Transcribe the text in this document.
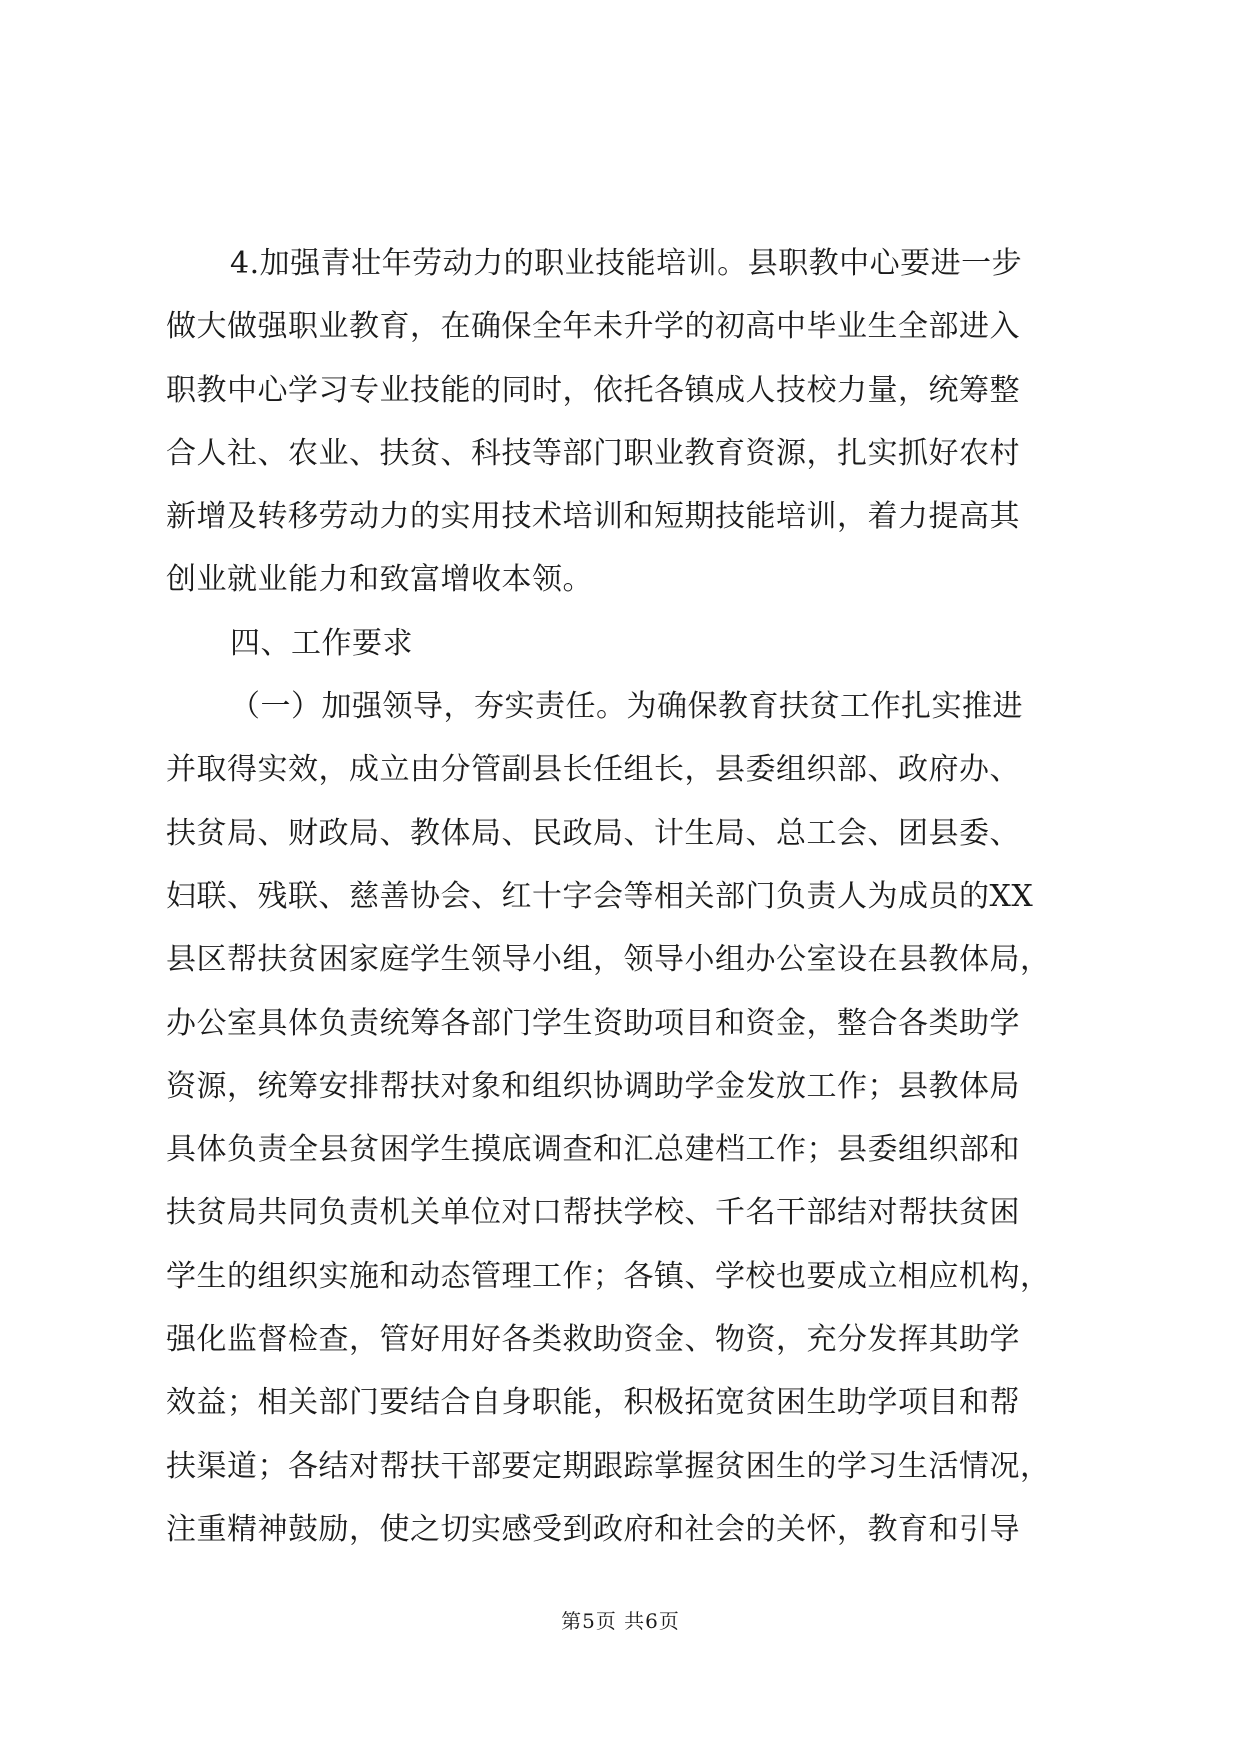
4.加强青壮年劳动力的职业技能培训。县职教中心要进一步
做大做强职业教育，在确保全年未升学的初高中毕业生全部进入
职教中心学习专业技能的同时，依托各镇成人技校力量，统筹整
合人社、农业、扶贫、科技等部门职业教育资源，扎实抓好农村
新增及转移劳动力的实用技术培训和短期技能培训，着力提高其
创业就业能力和致富增收本领。
四、工作要求
（一）加强领导，夯实责任。为确保教育扶贫工作扎实推进
并取得实效，成立由分管副县长任组长，县委组织部、政府办、
扶贫局、财政局、教体局、民政局、计生局、总工会、团县委、
妇联、残联、慈善协会、红十字会等相关部门负责人为成员的XX
县区帮扶贫困家庭学生领导小组，领导小组办公室设在县教体局，
办公室具体负责统筹各部门学生资助项目和资金，整合各类助学
资源，统筹安排帮扶对象和组织协调助学金发放工作；县教体局
具体负责全县贫困学生摸底调查和汇总建档工作；县委组织部和
扶贫局共同负责机关单位对口帮扶学校、千名干部结对帮扶贫困
学生的组织实施和动态管理工作；各镇、学校也要成立相应机构，
强化监督检查，管好用好各类救助资金、物资，充分发挥其助学
效益；相关部门要结合自身职能，积极拓宽贫困生助学项目和帮
扶渠道；各结对帮扶干部要定期跟踪掌握贫困生的学习生活情况，
注重精神鼓励，使之切实感受到政府和社会的关怀，教育和引导
第5页 共6页
